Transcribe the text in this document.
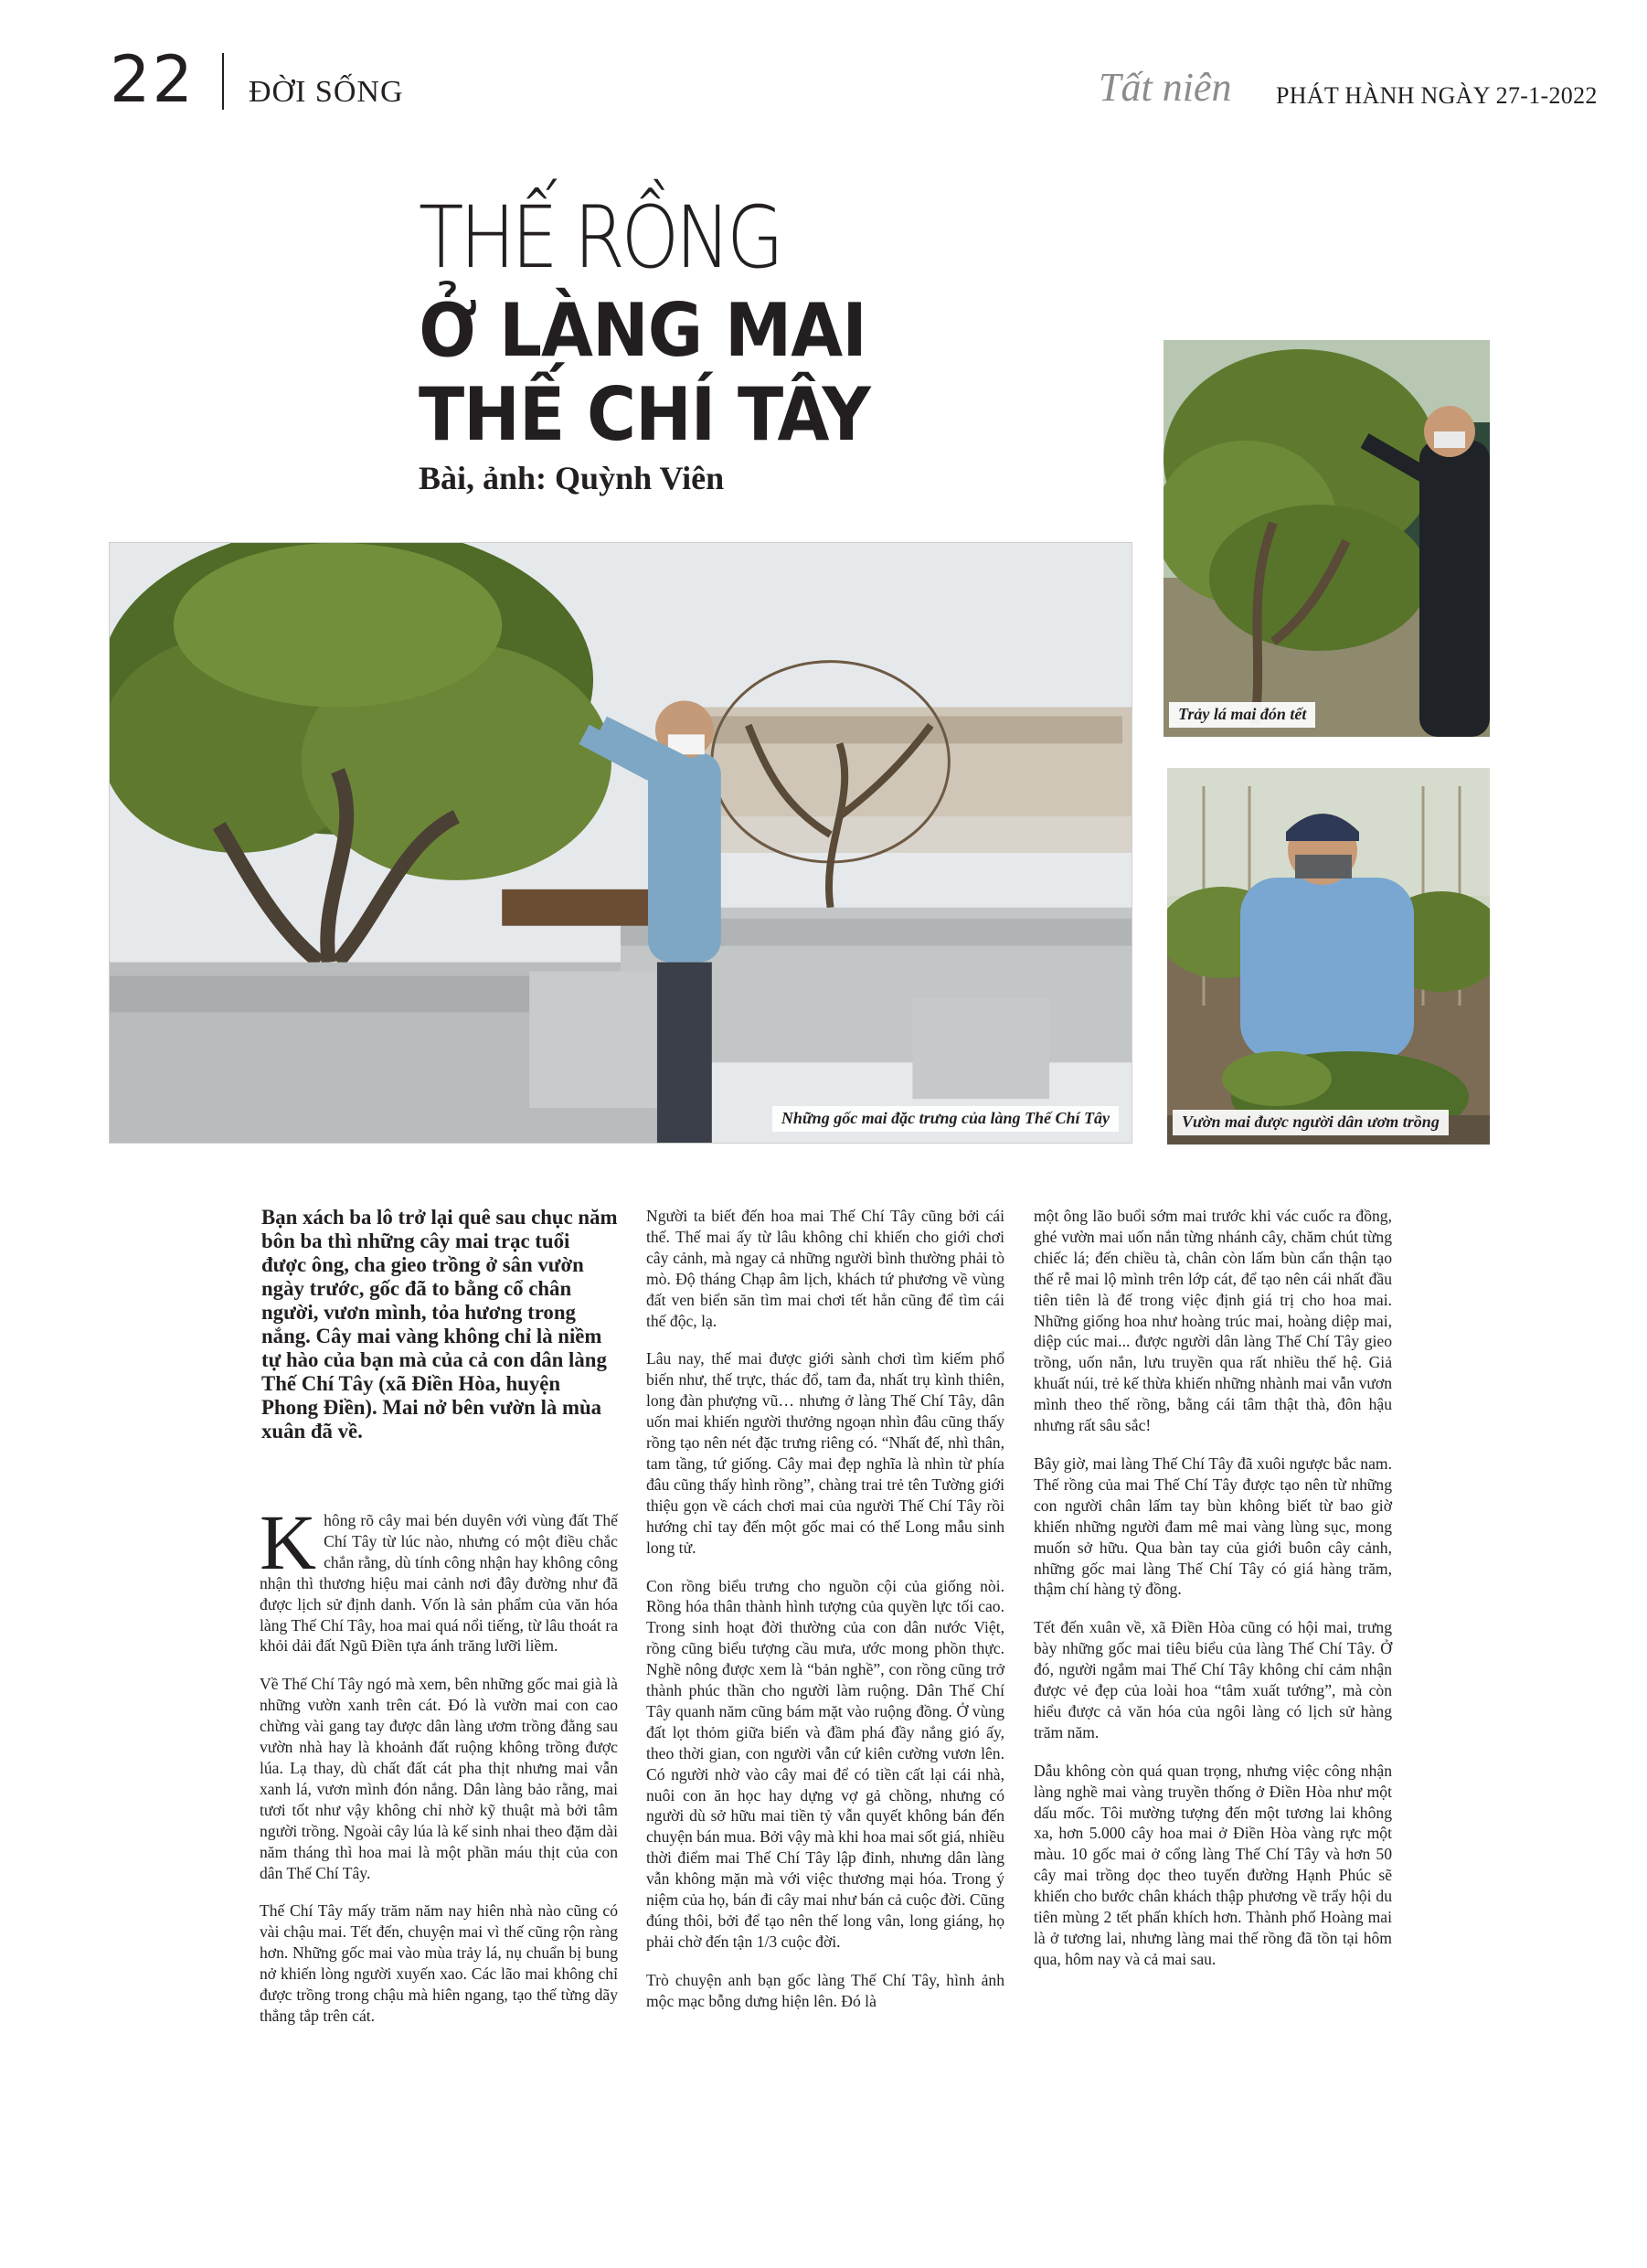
22 ĐỜI SỐNG	Tất niên PHÁT HÀNH NGÀY 27-1-2022
THẾ RỒNG
Ở LÀNG MAI
THẾ CHÍ TÂY
Bài, ảnh: Quỳnh Viên
Những gốc mai đặc trưng của làng Thế Chí Tây
Trảy lá mai đón tết
Vườn mai được người dân ươm trồng
Bạn xách ba lô trở lại quê sau chục năm bôn ba thì những cây mai trạc tuổi được ông, cha gieo trồng ở sân vườn ngày trước, gốc đã to bằng cổ chân người, vươn mình, tỏa hương trong nắng. Cây mai vàng không chỉ là niềm tự hào của bạn mà của cả con dân làng Thế Chí Tây (xã Điền Hòa, huyện Phong Điền). Mai nở bên vườn là mùa xuân đã về.

Không rõ cây mai bén duyên với vùng đất Thế Chí Tây từ lúc nào, nhưng có một điều chắc chắn rằng, dù tính công nhận hay không công nhận thì thương hiệu mai cảnh nơi đây đường như đã được lịch sử định danh. Vốn là sản phẩm của văn hóa làng Thế Chí Tây, hoa mai quá nổi tiếng, từ lâu thoát ra khỏi dải đất Ngũ Điền tựa ánh trăng lưỡi liềm.

Về Thế Chí Tây ngó mà xem, bên những gốc mai già là những vườn xanh trên cát. Đó là vườn mai con cao chừng vài gang tay được dân làng ươm trồng đằng sau vườn nhà hay là khoảnh đất ruộng không trồng được lúa. Lạ thay, dù chất đất cát pha thịt nhưng mai vẫn xanh lá, vươn mình đón nắng. Dân làng bảo rằng, mai tươi tốt như vậy không chỉ nhờ kỹ thuật mà bởi tâm người trồng. Ngoài cây lúa là kế sinh nhai theo đặm dài năm tháng thì hoa mai là một phần máu thịt của con dân Thế Chí Tây.

Thế Chí Tây mấy trăm năm nay hiên nhà nào cũng có vài chậu mai. Tết đến, chuyện mai vì thế cũng rộn ràng hơn. Những gốc mai vào mùa trảy lá, nụ chuẩn bị bung nở khiến lòng người xuyến xao. Các lão mai không chỉ được trồng trong chậu mà hiên ngang, tạo thế từng dãy thẳng tắp trên cát.

Người ta biết đến hoa mai Thế Chí Tây cũng bởi cái thế. Thế mai ấy từ lâu không chỉ khiến cho giới chơi cây cảnh, mà ngay cả những người bình thường phải tò mò. Độ tháng Chạp âm lịch, khách tứ phương về vùng đất ven biển săn tìm mai chơi tết hẳn cũng để tìm cái thế độc, lạ.

Lâu nay, thế mai được giới sành chơi tìm kiếm phổ biến như, thế trực, thác đổ, tam đa, nhất trụ kình thiên, long đàn phượng vũ… nhưng ở làng Thế Chí Tây, dân uốn mai khiến người thưởng ngoạn nhìn đâu cũng thấy rồng tạo nên nét đặc trưng riêng có. “Nhất đế, nhì thân, tam tầng, tứ giống. Cây mai đẹp nghĩa là nhìn từ phía đâu cũng thấy hình rồng”, chàng trai trẻ tên Tường giới thiệu gọn về cách chơi mai của người Thế Chí Tây rồi hướng chỉ tay đến một gốc mai có thế Long mẫu sinh long tử.

Con rồng biểu trưng cho nguồn cội của giống nòi. Rồng hóa thân thành hình tượng của quyền lực tối cao. Trong sinh hoạt đời thường của con dân nước Việt, rồng cũng biểu tượng cầu mưa, ước mong phồn thực. Nghề nông được xem là “bản nghề”, con rồng cũng trở thành phúc thần cho người làm ruộng. Dân Thế Chí Tây quanh năm cũng bám mặt vào ruộng đồng. Ở vùng đất lọt thỏm giữa biển và đầm phá đầy nắng gió ấy, theo thời gian, con người vẫn cứ kiên cường vươn lên. Có người nhờ vào cây mai để có tiền cất lại cái nhà, nuôi con ăn học hay dựng vợ gả chồng, nhưng có người dù sở hữu mai tiền tỷ vẫn quyết không bán đến chuyện bán mua. Bởi vậy mà khi hoa mai sốt giá, nhiều thời điểm mai Thế Chí Tây lập đỉnh, nhưng dân làng vẫn không mặn mà với việc thương mại hóa. Trong ý niệm của họ, bán đi cây mai như bán cả cuộc đời. Cũng đúng thôi, bởi để tạo nên thế long vân, long giáng, họ phải chờ đến tận 1/3 cuộc đời.

Trò chuyện anh bạn gốc làng Thế Chí Tây, hình ảnh mộc mạc bỗng dưng hiện lên. Đó là

một ông lão buổi sớm mai trước khi vác cuốc ra đồng, ghé vườn mai uốn nắn từng nhánh cây, chăm chút từng chiếc lá; đến chiều tà, chân còn lấm bùn cẩn thận tạo thế rễ mai lộ mình trên lớp cát, để tạo nên cái nhất đầu tiên tiên là đế trong việc định giá trị cho hoa mai. Những giống hoa như hoàng trúc mai, hoàng diệp mai, diệp cúc mai... được người dân làng Thế Chí Tây gieo trồng, uốn nắn, lưu truyền qua rất nhiều thế hệ. Giả khuất núi, trẻ kế thừa khiến những nhành mai vẫn vươn mình theo thế rồng, bằng cái tâm thật thà, đôn hậu nhưng rất sâu sắc!

Bây giờ, mai làng Thế Chí Tây đã xuôi ngược bắc nam. Thế rồng của mai Thế Chí Tây được tạo nên từ những con người chân lấm tay bùn không biết từ bao giờ khiến những người đam mê mai vàng lùng sục, mong muốn sở hữu. Qua bàn tay của giới buôn cây cảnh, những gốc mai làng Thế Chí Tây có giá hàng trăm, thậm chí hàng tỷ đồng.

Tết đến xuân về, xã Điền Hòa cũng có hội mai, trưng bày những gốc mai tiêu biểu của làng Thế Chí Tây. Ở đó, người ngắm mai Thế Chí Tây không chỉ cảm nhận được vẻ đẹp của loài hoa “tâm xuất tướng”, mà còn hiểu được cả văn hóa của ngôi làng có lịch sử hàng trăm năm.

Dẫu không còn quá quan trọng, nhưng việc công nhận làng nghề mai vàng truyền thống ở Điền Hòa như một dấu mốc. Tôi mường tượng đến một tương lai không xa, hơn 5.000 cây hoa mai ở Điền Hòa vàng rực một màu. 10 gốc mai ở cổng làng Thế Chí Tây và hơn 50 cây mai trồng dọc theo tuyến đường Hạnh Phúc sẽ khiến cho bước chân khách thập phương về trẩy hội du tiên mùng 2 tết phấn khích hơn. Thành phố Hoàng mai là ở tương lai, nhưng làng mai thế rồng đã tồn tại hôm qua, hôm nay và cả mai sau.
